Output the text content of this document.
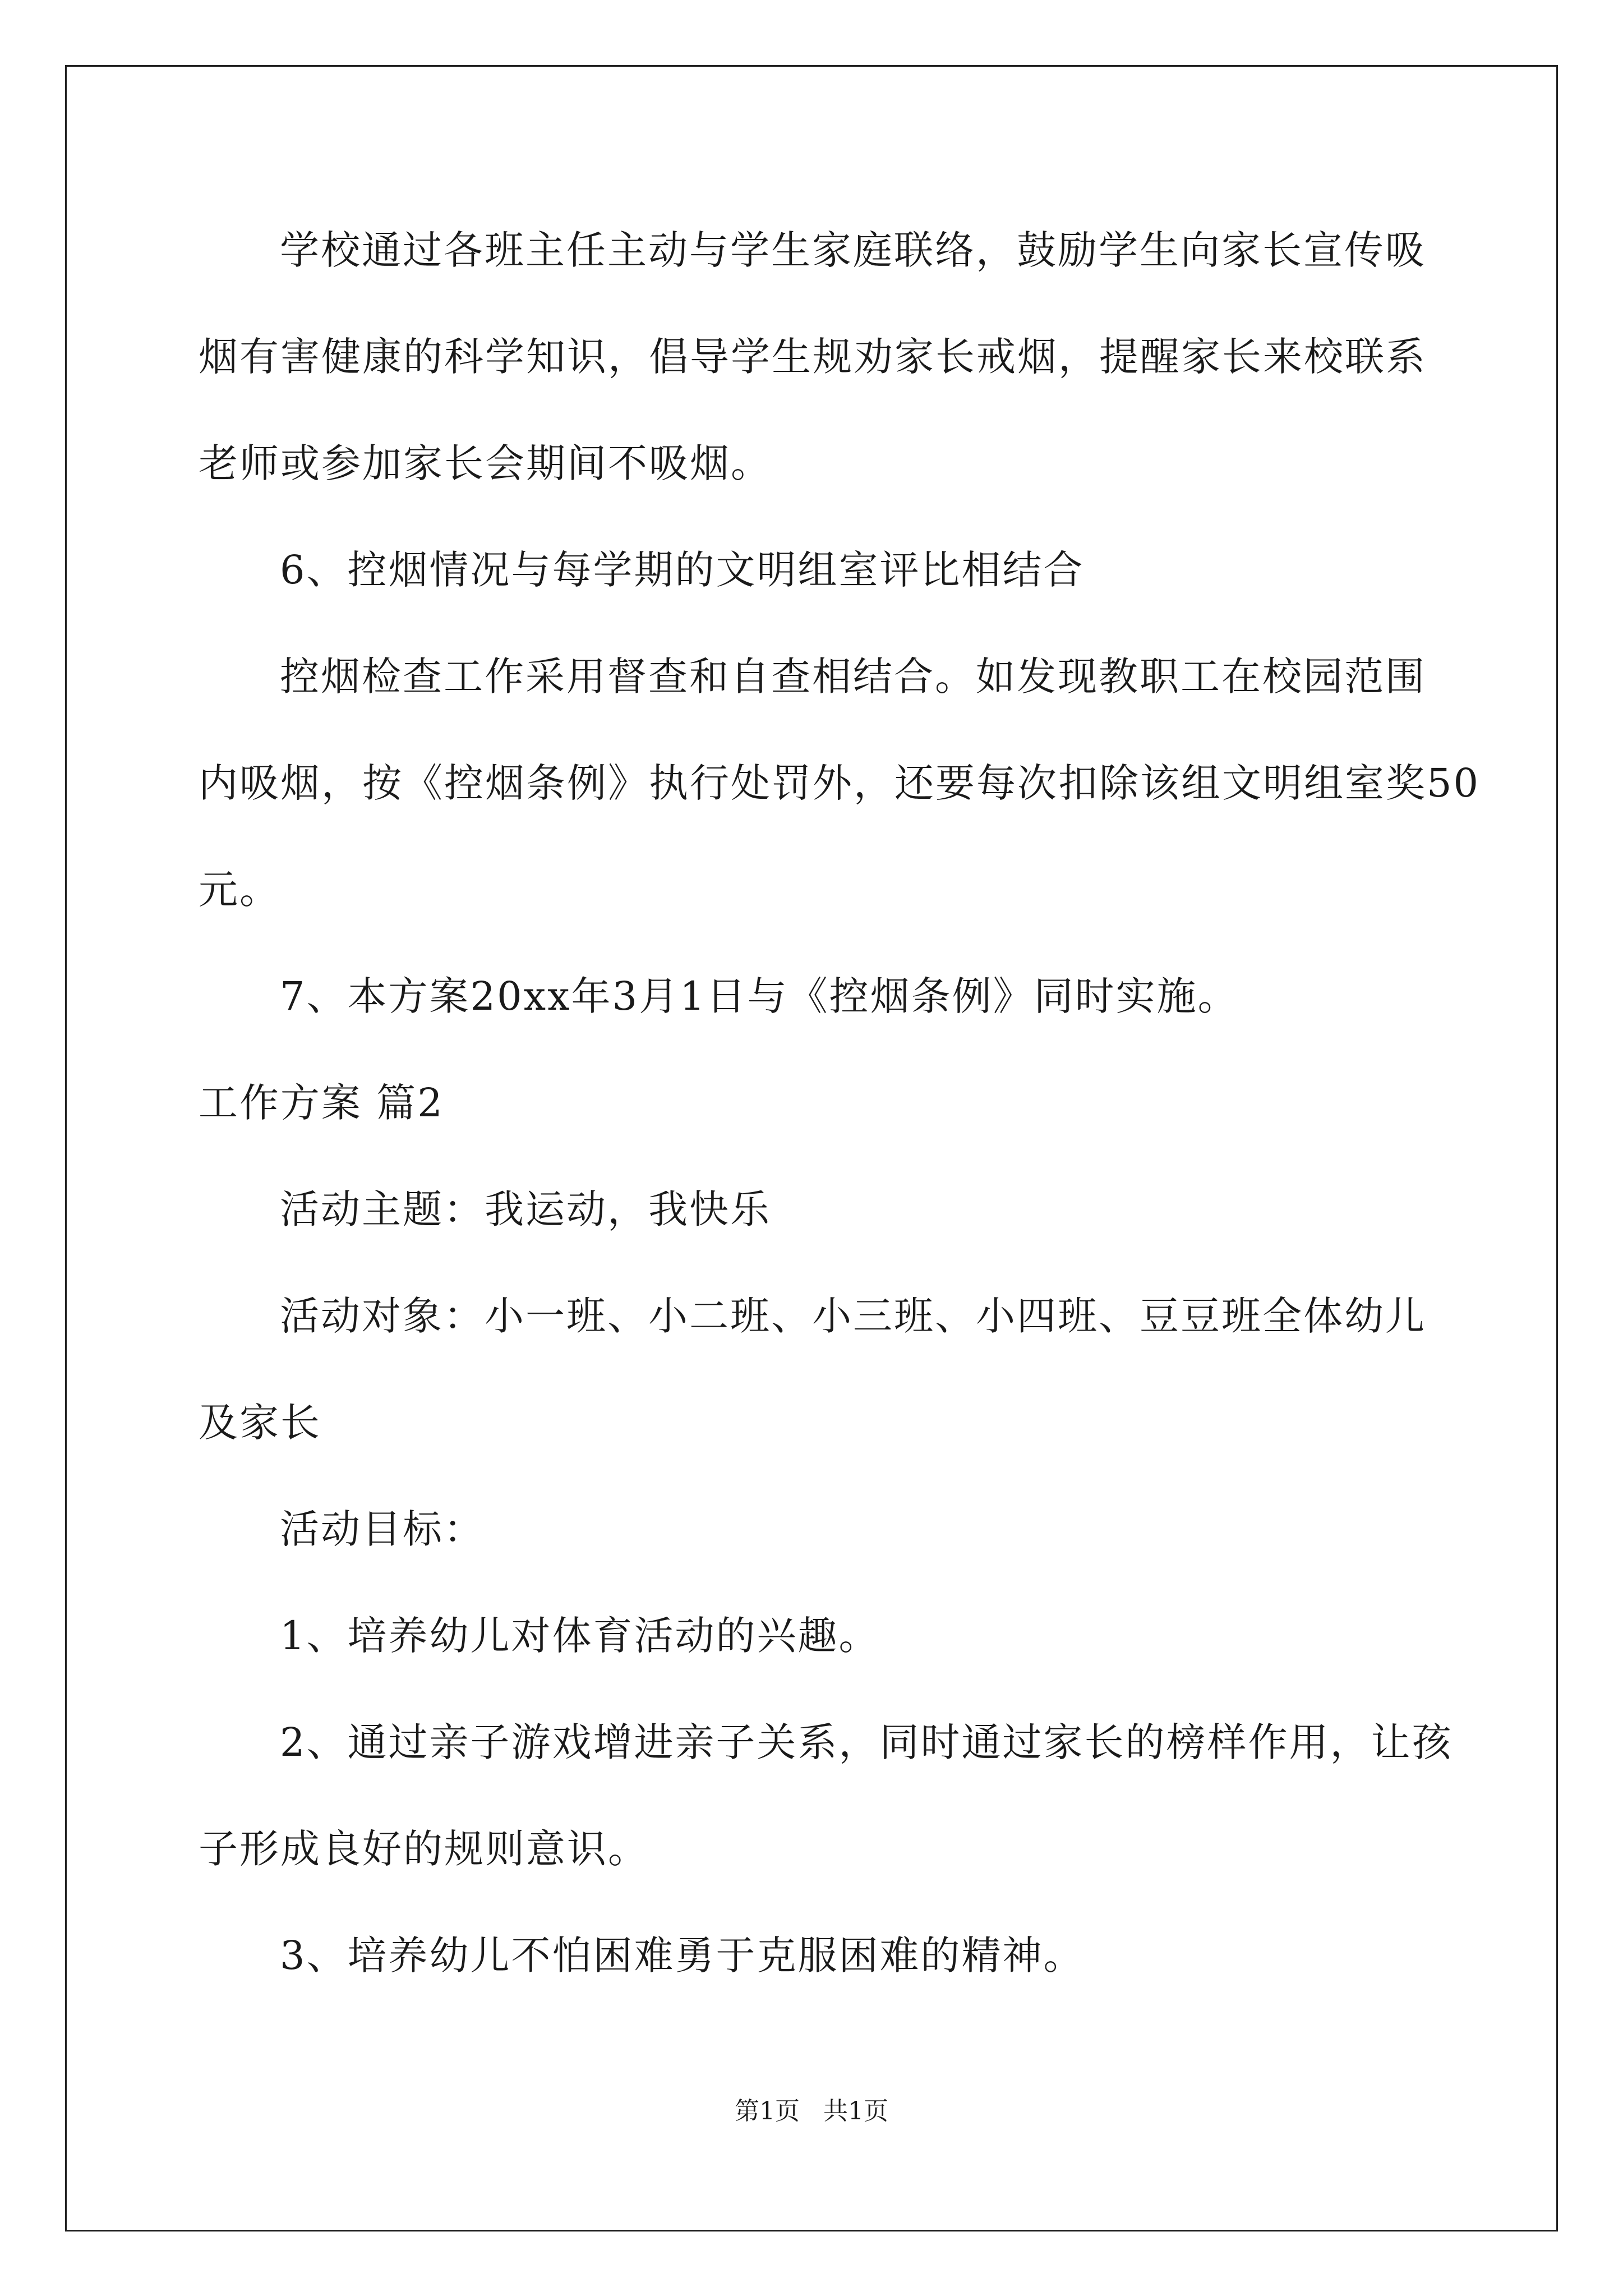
学校通过各班主任主动与学生家庭联络，鼓励学生向家长宣传吸
烟有害健康的科学知识，倡导学生规劝家长戒烟，提醒家长来校联系
老师或参加家长会期间不吸烟。
6、控烟情况与每学期的文明组室评比相结合
控烟检查工作采用督查和自查相结合。如发现教职工在校园范围
内吸烟，按《控烟条例》执行处罚外，还要每次扣除该组文明组室奖50
元。
7、本方案20xx年3月1日与《控烟条例》同时实施。
工作方案 篇2
活动主题：我运动，我快乐
活动对象：小一班、小二班、小三班、小四班、豆豆班全体幼儿
及家长
活动目标：
1、培养幼儿对体育活动的兴趣。
2、通过亲子游戏增进亲子关系，同时通过家长的榜样作用，让孩
子形成良好的规则意识。
3、培养幼儿不怕困难勇于克服困难的精神。
第1页   共1页
